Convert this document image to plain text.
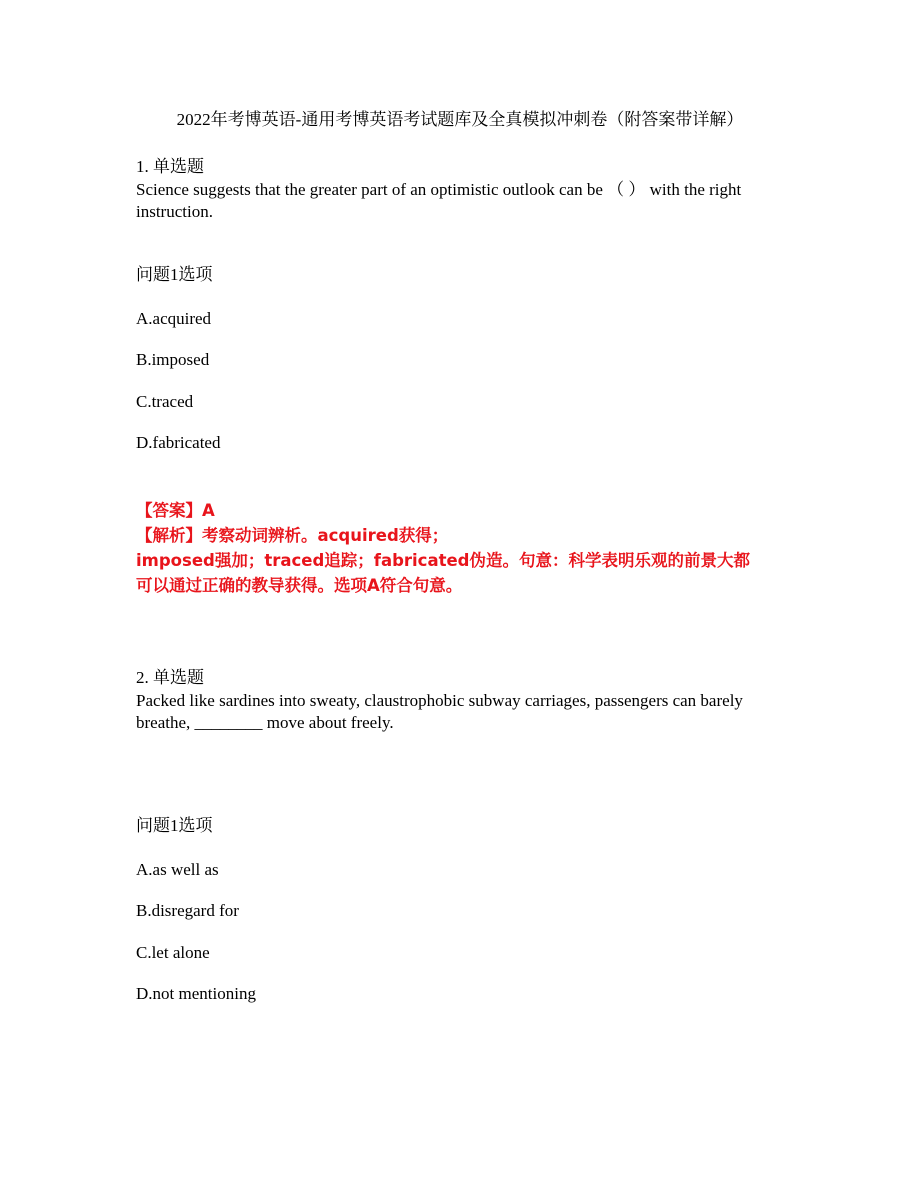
2022年考博英语-通用考博英语考试题库及全真模拟冲刺卷（附答案带详解）
1. 单选题
Science suggests that the greater part of an optimistic outlook can be （ ） with the right
instruction.
问题1选项
A.acquired
B.imposed
C.traced
D.fabricated
【答案】A
【解析】考察动词辨析。acquired获得；
imposed强加；traced追踪；fabricated伪造。句意：科学表明乐观的前景大都
可以通过正确的教导获得。选项A符合句意。
2. 单选题
Packed like sardines into sweaty, claustrophobic subway carriages, passengers can barely
breathe, ________ move about freely.
问题1选项
A.as well as
B.disregard for
C.let alone
D.not mentioning
